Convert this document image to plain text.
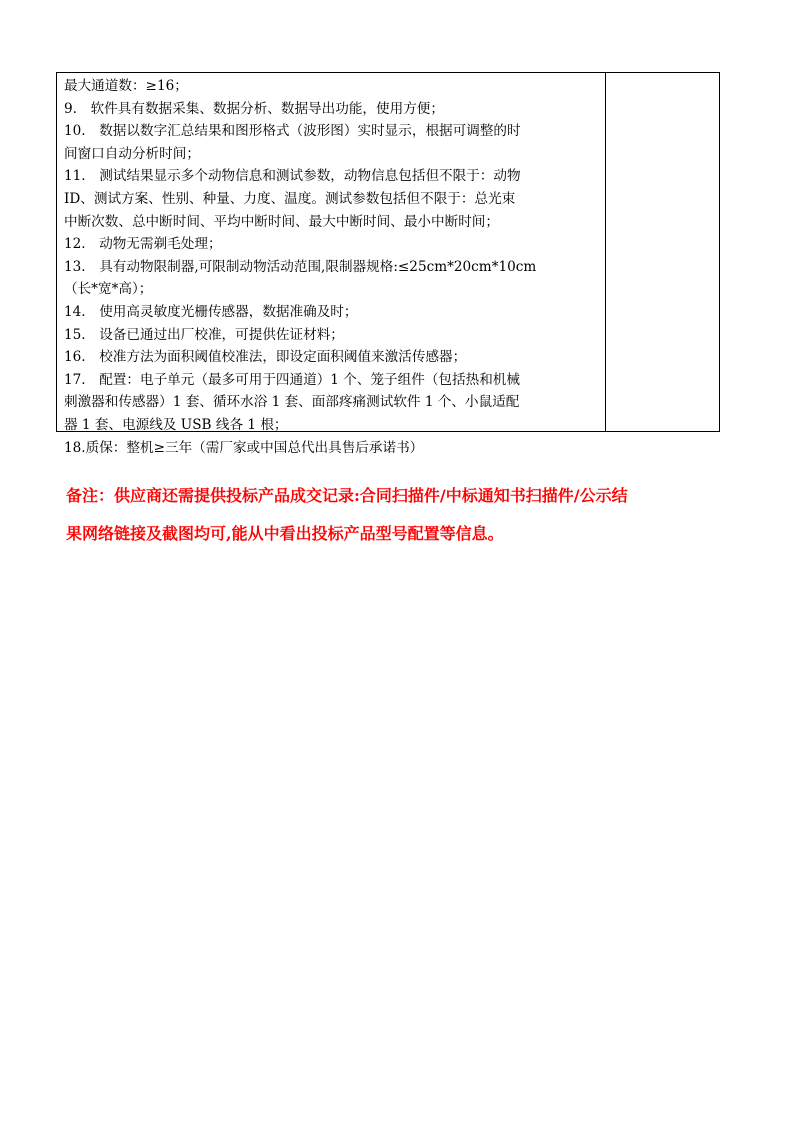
最大通道数：≥16；
9.　软件具有数据采集、数据分析、数据导出功能，使用方便；
10.　数据以数字汇总结果和图形格式（波形图）实时显示，根据可调整的时
间窗口自动分析时间；
11.　测试结果显示多个动物信息和测试参数，动物信息包括但不限于：动物
ID、测试方案、性别、种量、力度、温度。测试参数包括但不限于：总光束
中断次数、总中断时间、平均中断时间、最大中断时间、最小中断时间；
12.　动物无需剃毛处理；
13.　具有动物限制器,可限制动物活动范围,限制器规格:≤25cm*20cm*10cm
（长*宽*高）；
14.　使用高灵敏度光栅传感器，数据准确及时；
15.　设备已通过出厂校准，可提供佐证材料；
16.　校准方法为面积阈值校准法，即设定面积阈值来激活传感器；
17.　配置：电子单元（最多可用于四通道）1 个、笼子组件（包括热和机械
刺激器和传感器）1 套、循环水浴 1 套、面部疼痛测试软件 1 个、小鼠适配
器 1 套、电源线及 USB 线各 1 根；
18.质保：整机≥三年（需厂家或中国总代出具售后承诺书）
备注：供应商还需提供投标产品成交记录:合同扫描件/中标通知书扫描件/公示结
果网络链接及截图均可,能从中看出投标产品型号配置等信息。
